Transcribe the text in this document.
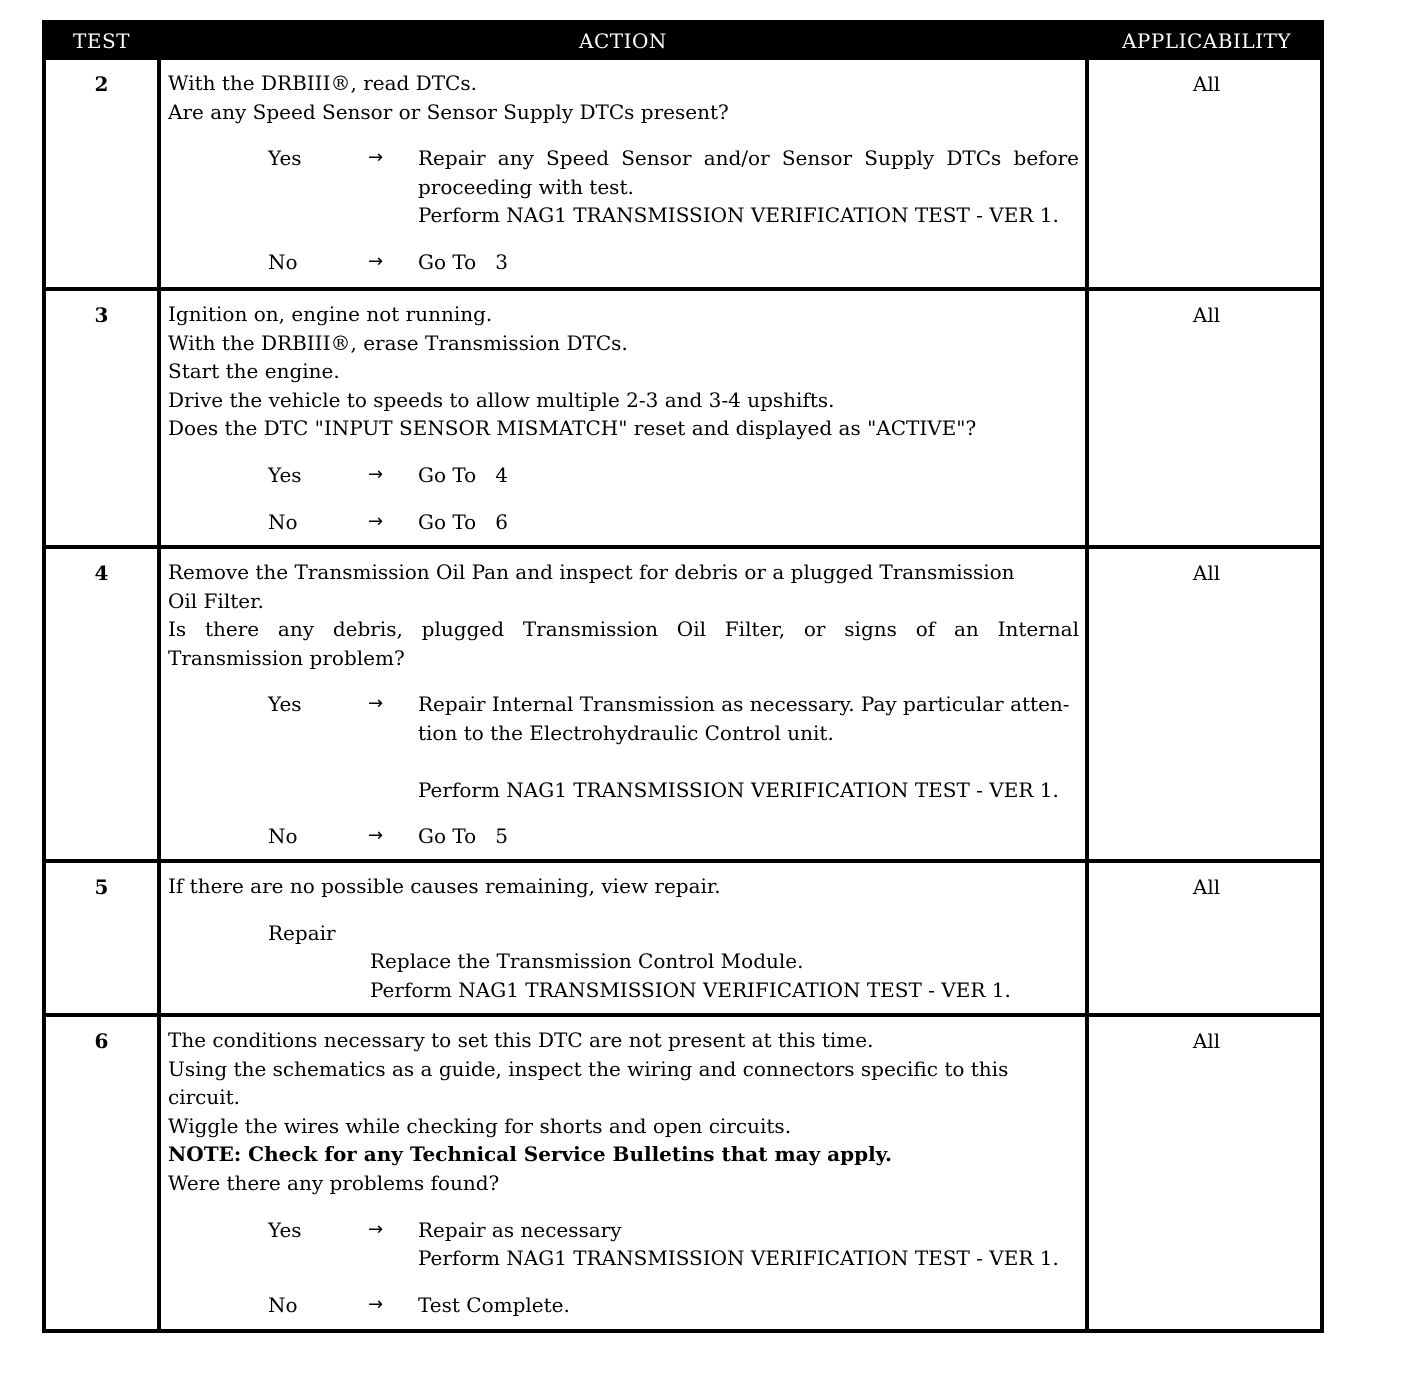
TEST	ACTION	APPLICABILITY
2	With the DRBIII®, read DTCs.
Are any Speed Sensor or Sensor Supply DTCs present?
Yes	→	Repair any Speed Sensor and/or Sensor Supply DTCs before
proceeding with test.
Perform NAG1 TRANSMISSION VERIFICATION TEST - VER 1.
No	→	Go To   3
All
3	Ignition on, engine not running.
With the DRBIII®, erase Transmission DTCs.
Start the engine.
Drive the vehicle to speeds to allow multiple 2-3 and 3-4 upshifts.
Does the DTC "INPUT SENSOR MISMATCH" reset and displayed as "ACTIVE"?
Yes	→	Go To   4
No	→	Go To   6
All
4	Remove the Transmission Oil Pan and inspect for debris or a plugged Transmission
Oil Filter.
Is there any debris, plugged Transmission Oil Filter, or signs of an Internal
Transmission problem?
Yes	→	Repair Internal Transmission as necessary. Pay particular atten-
tion to the Electrohydraulic Control unit.
Perform NAG1 TRANSMISSION VERIFICATION TEST - VER 1.
No	→	Go To   5
All
5	If there are no possible causes remaining, view repair.
Repair
Replace the Transmission Control Module.
Perform NAG1 TRANSMISSION VERIFICATION TEST - VER 1.
All
6	The conditions necessary to set this DTC are not present at this time.
Using the schematics as a guide, inspect the wiring and connectors specific to this
circuit.
Wiggle the wires while checking for shorts and open circuits.
NOTE: Check for any Technical Service Bulletins that may apply.
Were there any problems found?
Yes	→	Repair as necessary
Perform NAG1 TRANSMISSION VERIFICATION TEST - VER 1.
No	→	Test Complete.
All
